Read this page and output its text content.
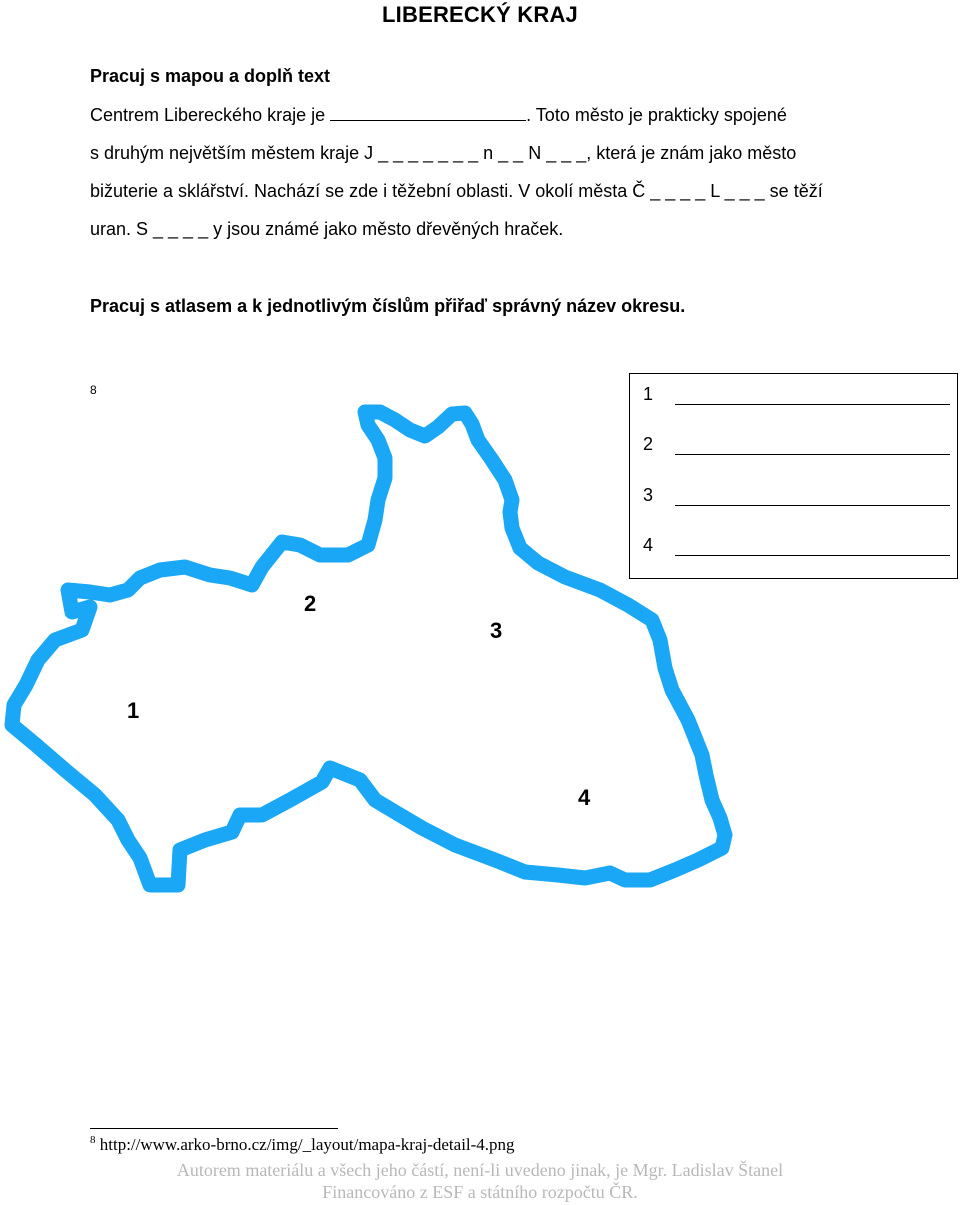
LIBERECKÝ KRAJ
Pracuj s mapou a doplň text
Centrem Libereckého kraje je	. Toto město je prakticky spojené
s druhým největším městem kraje J _ _ _ _ _ _ _ n _ _ N _ _ _, která je znám jako město
bižuterie a sklářství. Nachází se zde i těžební oblasti. V okolí města Č _ _ _ _ L _ _ _ se těží
uran. S _ _ _ _ y jsou známé jako město dřevěných hraček.
Pracuj s atlasem a k jednotlivým číslům přiřaď správný název okresu.
8	1
2
3
4
2
3
1
4
$^8$ http://www.arko-brno.cz/img/_layout/mapa-kraj-detail-4.png
Autorem materiálu a všech jeho částí, není-li uvedeno jinak, je Mgr. Ladislav Štanel
Financováno z ESF a státního rozpočtu ČR.
